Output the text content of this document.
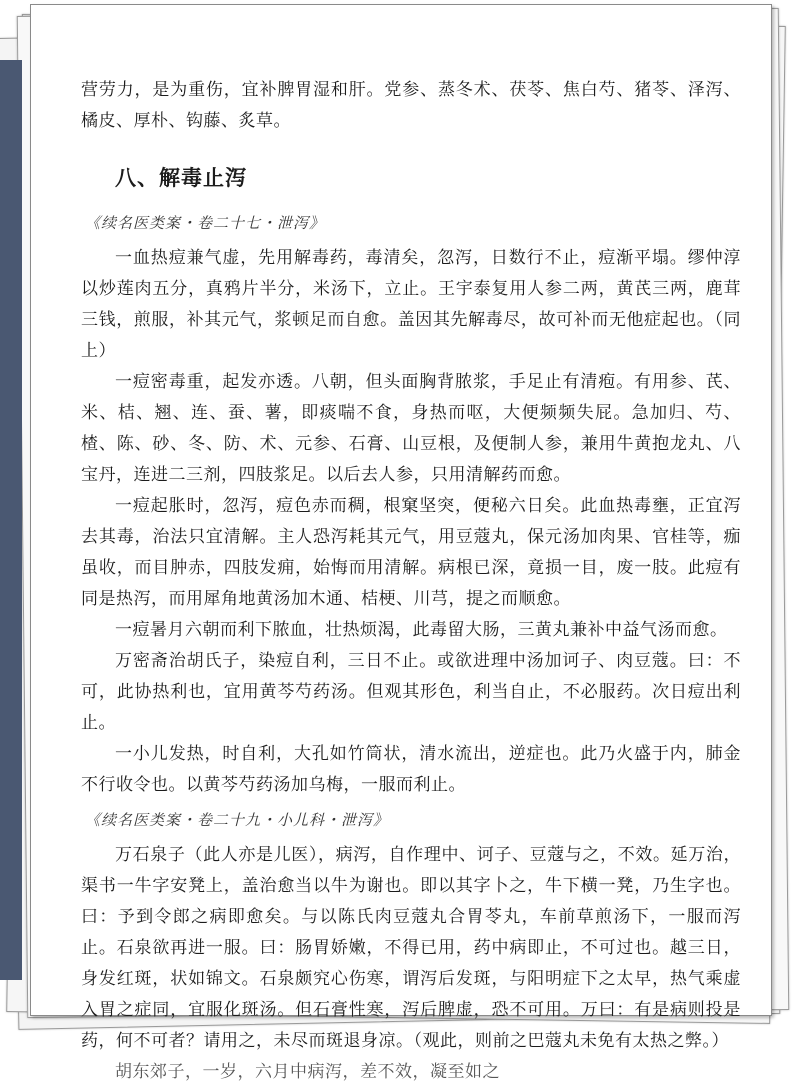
营劳力，是为重伤，宜补脾胃湿和肝。党参、蒸冬术、茯苓、焦白芍、猪苓、泽泻、橘皮、厚朴、钩藤、炙草。

八、解毒止泻
《续名医类案・卷二十七・泄泻》

一血热痘兼气虚，先用解毒药，毒清矣，忽泻，日数行不止，痘渐平塌。缪仲淳以炒莲肉五分，真鸦片半分，米汤下，立止。王宇泰复用人参二两，黄芪三两，鹿茸三钱，煎服，补其元气，浆顿足而自愈。盖因其先解毒尽，故可补而无他症起也。（同上）

一痘密毒重，起发亦透。八朝，但头面胸背脓浆，手足止有清疱。有用参、芪、米、桔、翘、连、蚕、薯，即痰喘不食，身热而呕，大便频频失屁。急加归、芍、楂、陈、砂、冬、防、术、元参、石膏、山豆根，及便制人参，兼用牛黄抱龙丸、八宝丹，连进二三剂，四肢浆足。以后去人参，只用清解药而愈。

一痘起胀时，忽泻，痘色赤而稠，根窠坚突，便秘六日矣。此血热毒壅，正宜泻去其毒，治法只宜清解。主人恐泻耗其元气，用豆蔻丸，保元汤加肉果、官桂等，痂虽收，而目肿赤，四肢发痈，始悔而用清解。病根已深，竟损一目，废一肢。此痘有同是热泻，而用犀角地黄汤加木通、桔梗、川芎，提之而顺愈。

一痘暑月六朝而利下脓血，壮热烦渴，此毒留大肠，三黄丸兼补中益气汤而愈。

万密斋治胡氏子，染痘自利，三日不止。或欲进理中汤加诃子、肉豆蔻。曰：不可，此协热利也，宜用黄芩芍药汤。但观其形色，利当自止，不必服药。次日痘出利止。

一小儿发热，时自利，大孔如竹筒状，清水流出，逆症也。此乃火盛于内，肺金不行收令也。以黄芩芍药汤加乌梅，一服而利止。

《续名医类案・卷二十九・小儿科・泄泻》

万石泉子（此人亦是儿医），病泻，自作理中、诃子、豆蔻与之，不效。延万治，渠书一牛字安凳上，盖治愈当以牛为谢也。即以其字卜之，牛下横一凳，乃生字也。曰：予到令郎之病即愈矣。与以陈氏肉豆蔻丸合胃苓丸，车前草煎汤下，一服而泻止。石泉欲再进一服。曰：肠胃娇嫩，不得已用，药中病即止，不可过也。越三日，身发红斑，状如锦文。石泉颇究心伤寒，谓泻后发斑，与阳明症下之太早，热气乘虚入胃之症同，宜服化斑汤。但石膏性寒，泻后脾虚，恐不可用。万曰：有是病则投是药，何不可者？请用之，未尽而斑退身凉。（观此，则前之巴蔻丸未免有太热之弊。）

胡东郊子，一岁，六月中病泻，差不效，凝至如之
